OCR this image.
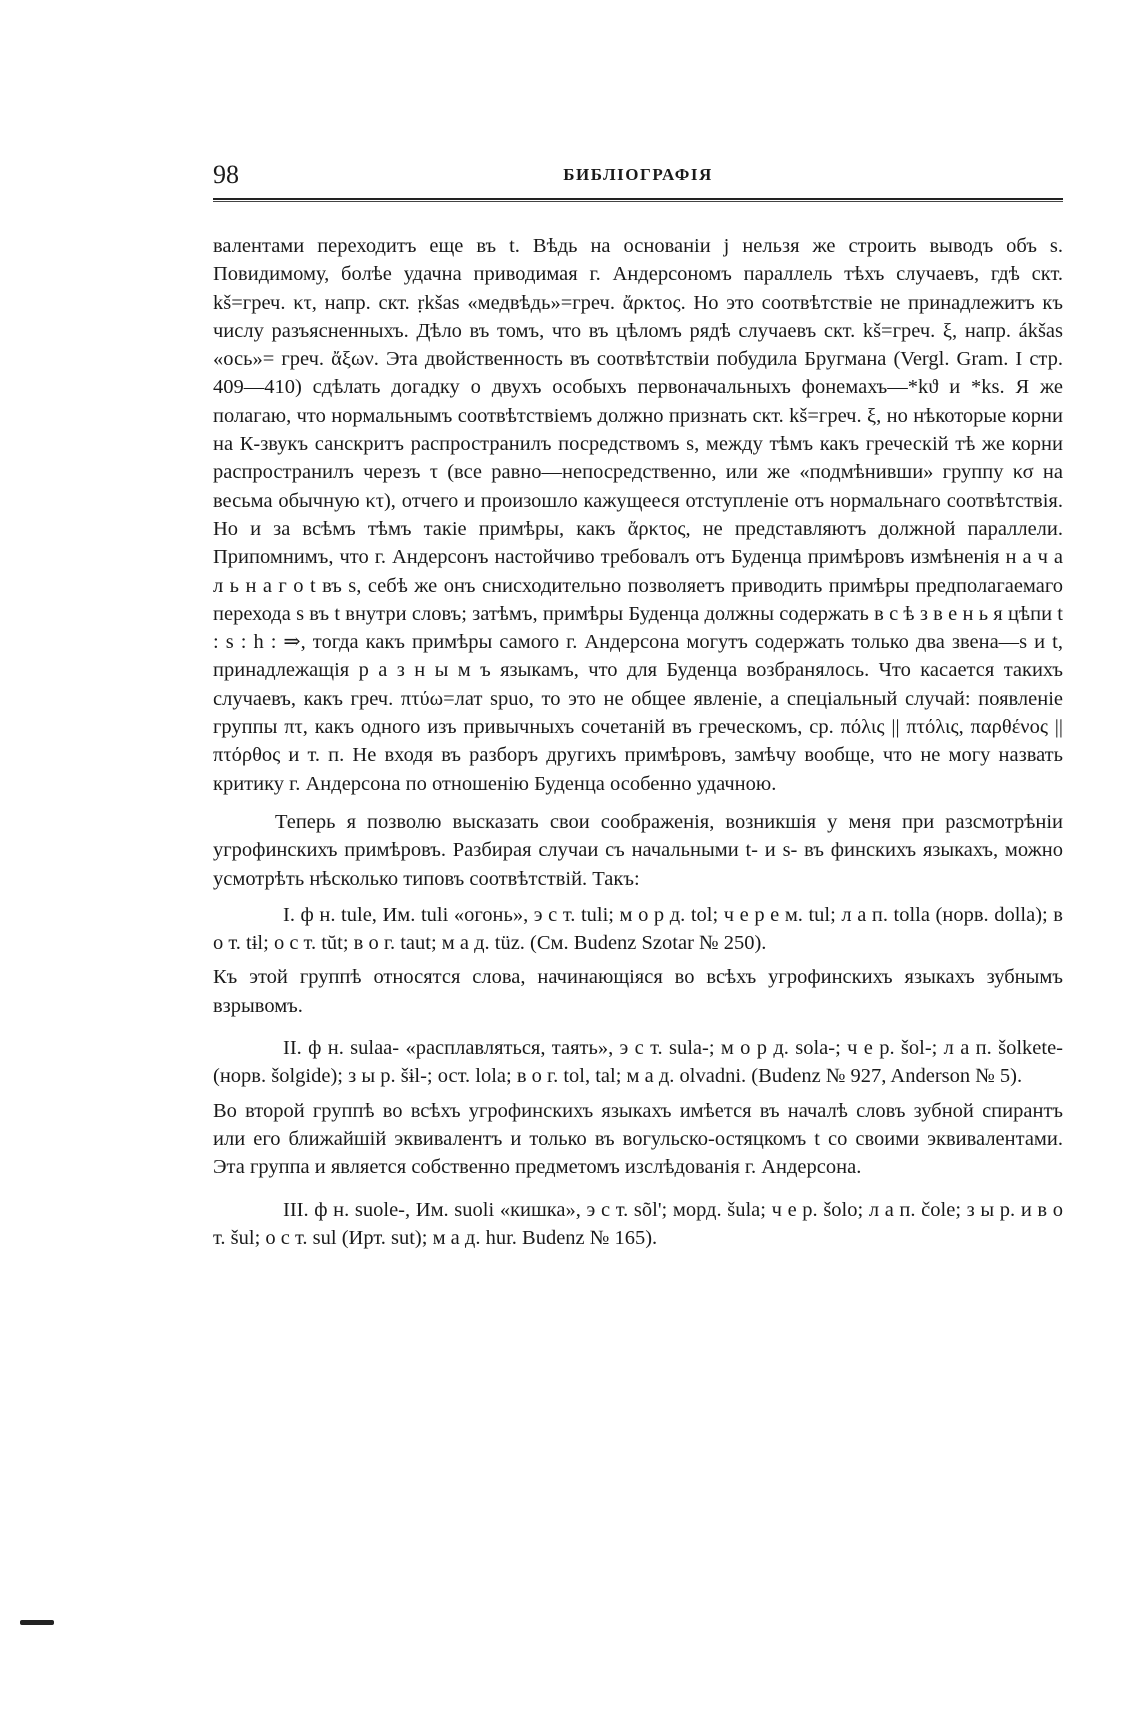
98	БИБЛІОГРАФІЯ

валентами переходитъ еще въ t. Вѣдь на основаніи j нельзя же строить выводъ объ s. Повидимому, болѣе удачна приводимая г. Андерсономъ параллель тѣхъ случаевъ, гдѣ скт. kš=греч. κτ, напр. скт. ṛkšas «медвѣдь»=греч. ἄρκτος. Но это соотвѣтствіе не принадлежитъ къ числу разъясненныхъ. Дѣло въ томъ, что въ цѣломъ рядѣ случаевъ скт. kš=греч. ξ, напр. ákšas «ось»= греч. ἄξων. Эта двойственность въ соотвѣтствіи побудила Бругмана (Vergl. Gram. I стр. 409—410) сдѣлать догадку о двухъ особыхъ первоначальныхъ фонемахъ—*kϑ и *ks. Я же полагаю, что нормальнымъ соотвѣтствіемъ должно признать скт. kš=греч. ξ, но нѣкоторые корни на К-звукъ санскритъ распространилъ посредствомъ s, между тѣмъ какъ греческій тѣ же корни распространилъ черезъ τ (все равно—непосредственно, или же «подмѣнивши» группу κσ на весьма обычную κτ), отчего и произошло кажущееся отступленіе отъ нормальнаго соотвѣтствія. Но и за всѣмъ тѣмъ такіе примѣры, какъ ἄρκτος, не представляютъ должной параллели. Припомнимъ, что г. Андерсонъ настойчиво требовалъ отъ Буденца примѣровъ измѣненія н а ч а л ь н а г о t въ s, себѣ же онъ снисходительно позволяетъ приводить примѣры предполагаемаго перехода s въ t внутри словъ; затѣмъ, примѣры Буденца должны содержать в с ѣ з в е н ь я цѣпи t : s : h : ⇒, тогда какъ примѣры самого г. Андерсона могутъ содержать только два звена—s и t, принадлежащія р а з н ы м ъ языкамъ, что для Буденца возбранялось. Что касается такихъ случаевъ, какъ греч. πτύω=лат spuo, то это не общее явленіе, а спеціальный случай: появленіе группы πτ, какъ одного изъ привычныхъ сочетаній въ греческомъ, ср. πόλις || πτόλις, παρθένος || πτόρθος и т. п. Не входя въ разборъ другихъ примѣровъ, замѣчу вообще, что не могу назвать критику г. Андерсона по отношенію Буденца особенно удачною.

Теперь я позволю высказать свои соображенія, возникшія у меня при разсмотрѣніи угрофинскихъ примѣровъ. Разбирая случаи съ начальными t- и s- въ финскихъ языкахъ, можно усмотрѣть нѣсколько типовъ соотвѣтствій. Такъ:

I. ф н. tule, Им. tuli «огонь», э с т. tuli; м о р д. tol; ч е р е м. tul; л а п. tolla (норв. dolla); в о т. tɨl; о с т. tŭt; в о г. taut; м а д. tüz. (См. Budenz Szotar № 250).

Къ этой группѣ относятся слова, начинающіяся во всѣхъ угрофинскихъ языкахъ зубнымъ взрывомъ.

II. ф н. sulaa- «расплавляться, таять», э с т. sula-; м о р д. sola-; ч е р. šol-; л а п. šolkete- (норв. šolgide); з ы р. šɨl-; ост. lola; в о г. tol, tal; м а д. olvadni. (Budenz № 927, Anderson № 5).

Во второй группѣ во всѣхъ угрофинскихъ языкахъ имѣется въ началѣ словъ зубной спирантъ или его ближайшій эквивалентъ и только въ вогульско-остяцкомъ t со своими эквивалентами. Эта группа и является собственно предметомъ изслѣдованія г. Андерсона.

III. ф н. suole-, Им. suoli «кишка», э с т. sõl'; морд. šula; ч е р. šolo; л а п. čole; з ы р. и в о т. šul; о с т. sul (Ирт. sut); м а д. hur. Budenz № 165).
